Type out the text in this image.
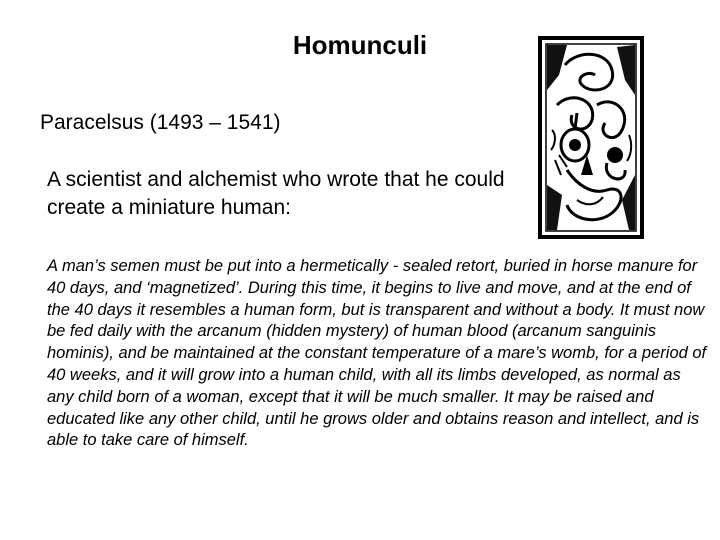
Homunculi
Paracelsus (1493 – 1541)
A scientist and alchemist who wrote that he could create a miniature human:
A man’s semen must be put into a hermetically - sealed retort, buried in horse manure for 40 days, and ‘magnetized’. During this time, it begins to live and move, and at the end of the 40 days it resembles a human form, but is transparent and without a body. It must now be fed daily with the arcanum (hidden mystery) of human blood (arcanum sanguinis hominis), and be maintained at the constant temperature of a mare’s womb, for a period of 40 weeks, and it will grow into a human child, with all its limbs developed, as normal as any child born of a woman, except that it will be much smaller. It may be raised and educated like any other child, until he grows older and obtains reason and intellect, and is able to take care of himself.
